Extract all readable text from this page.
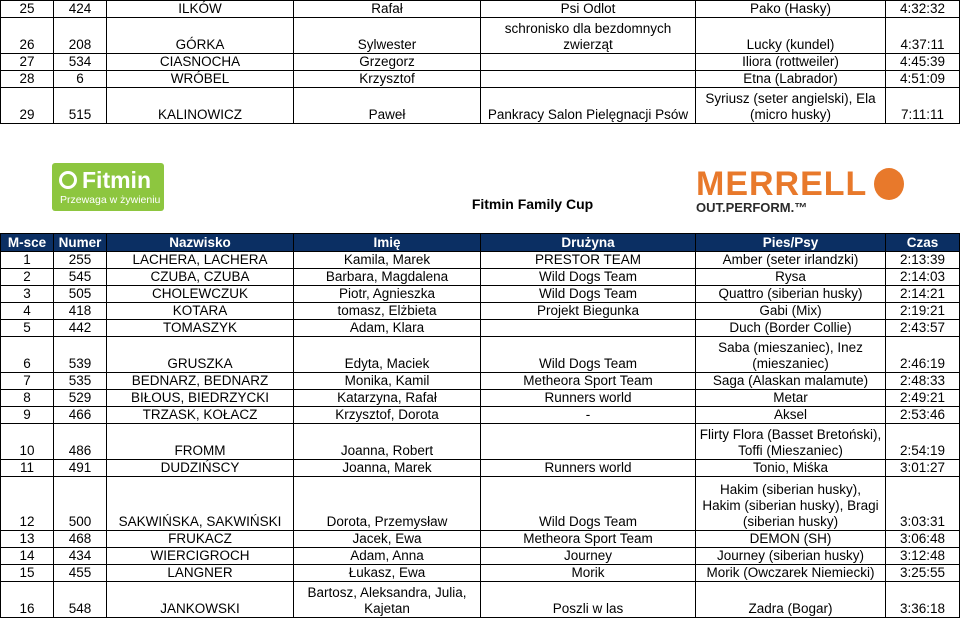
25	424	ILKÓW	Rafał	Psi Odlot	Pako (Hasky)	4:32:32
26	208	GÓRKA	Sylwester	schronisko dla bezdomnych zwierząt	Lucky (kundel)	4:37:11
27	534	CIASNOCHA	Grzegorz		Iliora (rottweiler)	4:45:39
28	6	WRÓBEL	Krzysztof		Etna (Labrador)	4:51:09
29	515	KALINOWICZ	Paweł	Pankracy Salon Pielęgnacji Psów	Syriusz (seter angielski), Ela (micro husky)	7:11:11
Fitmin
Przewaga w żywieniu	MERRELL
OUT.PERFORM.™
Fitmin Family Cup
M-sce	Numer	Nazwisko	Imię	Drużyna	Pies/Psy	Czas
1	255	LACHERA, LACHERA	Kamila, Marek	PRESTOR TEAM	Amber (seter irlandzki)	2:13:39
2	545	CZUBA, CZUBA	Barbara, Magdalena	Wild Dogs Team	Rysa	2:14:03
3	505	CHOLEWCZUK	Piotr, Agnieszka	Wild Dogs Team	Quattro (siberian husky)	2:14:21
4	418	KOTARA	tomasz, Elżbieta	Projekt Biegunka	Gabi (Mix)	2:19:21
5	442	TOMASZYK	Adam, Klara		Duch (Border Collie)	2:43:57
6	539	GRUSZKA	Edyta, Maciek	Wild Dogs Team	Saba (mieszaniec), Inez (mieszaniec)	2:46:19
7	535	BEDNARZ, BEDNARZ	Monika, Kamil	Metheora Sport Team	Saga (Alaskan malamute)	2:48:33
8	529	BIŁOUS, BIEDRZYCKI	Katarzyna, Rafał	Runners world	Metar	2:49:21
9	466	TRZASK, KOŁACZ	Krzysztof, Dorota	-	Aksel	2:53:46
10	486	FROMM	Joanna, Robert		Flirty Flora (Basset Bretoński), Toffi (Mieszaniec)	2:54:19
11	491	DUDZIŃSCY	Joanna, Marek	Runners world	Tonio, Miśka	3:01:27
12	500	SAKWIŃSKA, SAKWIŃSKI	Dorota, Przemysław	Wild Dogs Team	Hakim (siberian husky), Hakim (siberian husky), Bragi (siberian husky)	3:03:31
13	468	FRUKACZ	Jacek, Ewa	Metheora Sport Team	DEMON (SH)	3:06:48
14	434	WIERCIGROCH	Adam, Anna	Journey	Journey (siberian husky)	3:12:48
15	455	LANGNER	Łukasz, Ewa	Morik	Morik (Owczarek Niemiecki)	3:25:55
16	548	JANKOWSKI	Bartosz, Aleksandra, Julia, Kajetan	Poszli w las	Zadra (Bogar)	3:36:18
